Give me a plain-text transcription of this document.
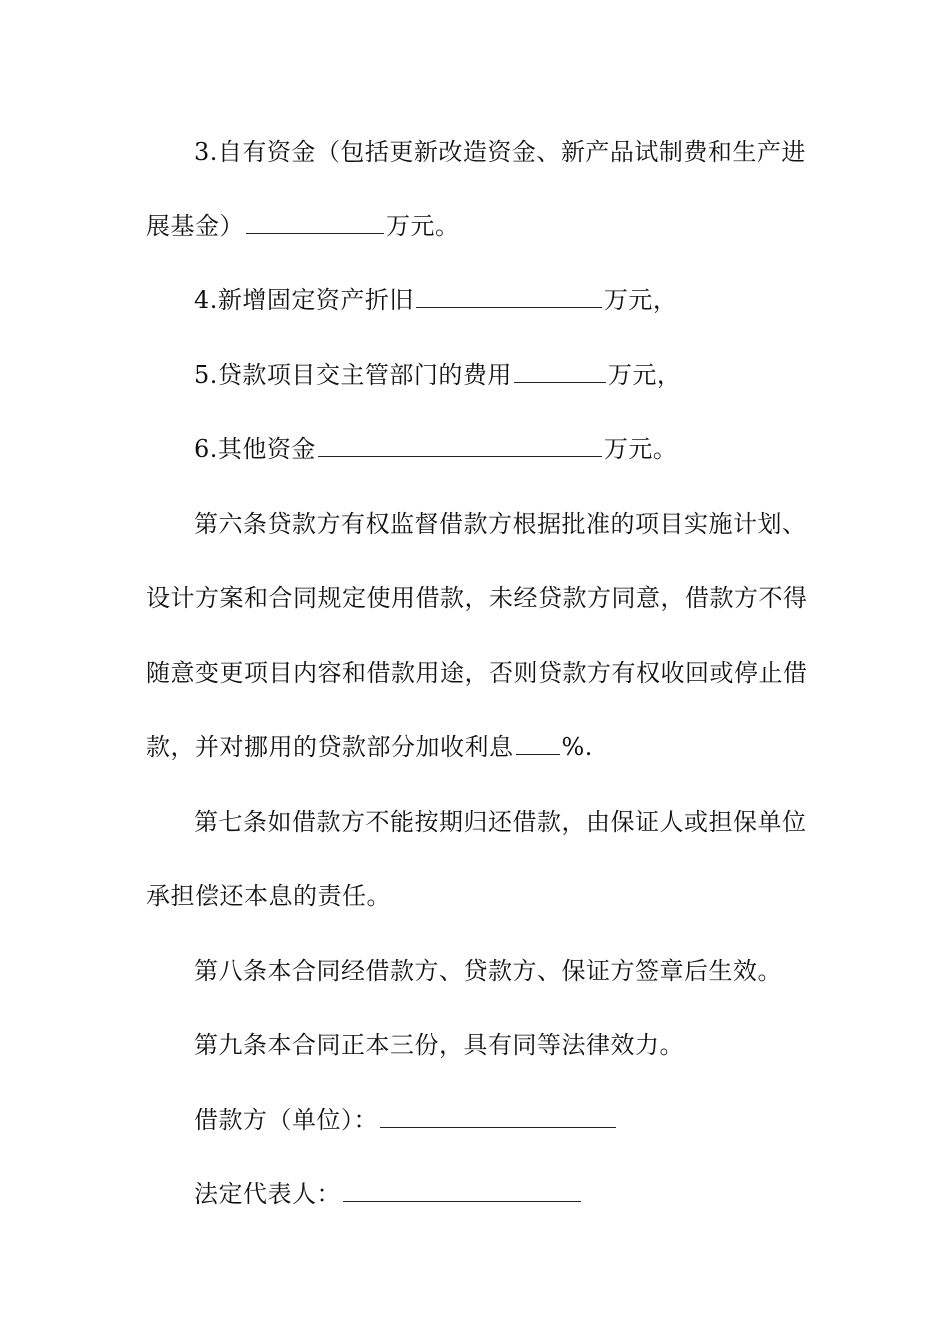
3.自有资金（包括更新改造资金、新产品试制费和生产进
展基金）	万元。
4.新增固定资产折旧	万元，
5.贷款项目交主管部门的费用	万元，
6.其他资金	万元。
第六条贷款方有权监督借款方根据批准的项目实施计划、
设计方案和合同规定使用借款，未经贷款方同意，借款方不得
随意变更项目内容和借款用途，否则贷款方有权收回或停止借
款，并对挪用的贷款部分加收利息 %.
第七条如借款方不能按期归还借款，由保证人或担保单位
承担偿还本息的责任。
第八条本合同经借款方、贷款方、保证方签章后生效。
第九条本合同正本三份，具有同等法律效力。
借款方（单位）：
法定代表人：
